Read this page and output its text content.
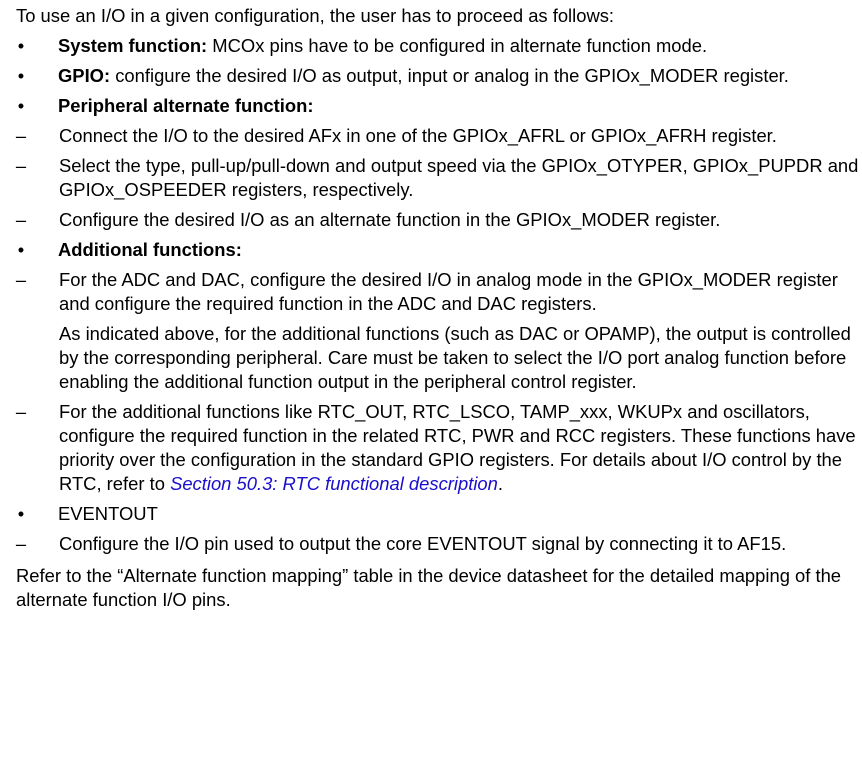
To use an I/O in a given configuration, the user has to proceed as follows:

• System function: MCOx pins have to be configured in alternate function mode.
• GPIO: configure the desired I/O as output, input or analog in the GPIOx_MODER register.
• Peripheral alternate function:
– Connect the I/O to the desired AFx in one of the GPIOx_AFRL or GPIOx_AFRH register.
– Select the type, pull-up/pull-down and output speed via the GPIOx_OTYPER, GPIOx_PUPDR and GPIOx_OSPEEDER registers, respectively.
– Configure the desired I/O as an alternate function in the GPIOx_MODER register.
• Additional functions:
– For the ADC and DAC, configure the desired I/O in analog mode in the GPIOx_MODER register and configure the required function in the ADC and DAC registers.

As indicated above, for the additional functions (such as DAC or OPAMP), the output is controlled by the corresponding peripheral. Care must be taken to select the I/O port analog function before enabling the additional function output in the peripheral control register.

– For the additional functions like RTC_OUT, RTC_LSCO, TAMP_xxx, WKUPx and oscillators, configure the required function in the related RTC, PWR and RCC registers. These functions have priority over the configuration in the standard GPIO registers. For details about I/O control by the RTC, refer to Section 50.3: RTC functional description.
• EVENTOUT
– Configure the I/O pin used to output the core EVENTOUT signal by connecting it to AF15.

Refer to the “Alternate function mapping” table in the device datasheet for the detailed mapping of the alternate function I/O pins.
